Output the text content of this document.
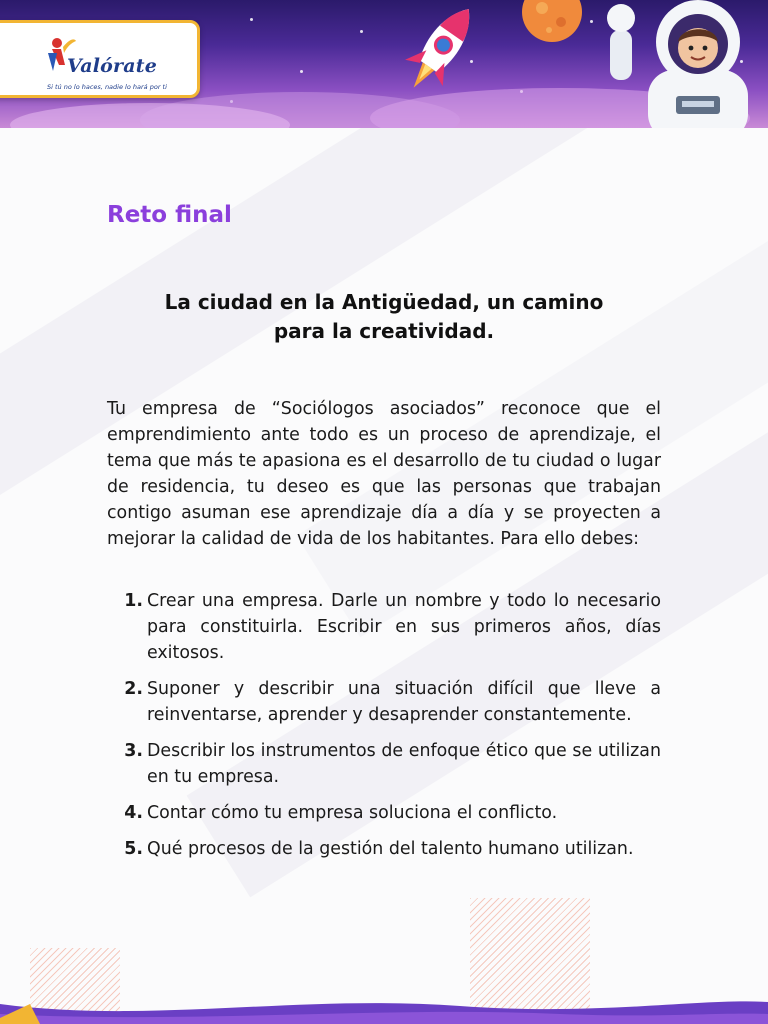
Valórate
Si tú no lo haces, nadie lo hará por ti
Reto final
La ciudad en la Antigüedad, un camino
para la creatividad.

Tu empresa de “Sociólogos asociados” reconoce que el emprendimiento ante todo es un proceso de aprendizaje, el tema que más te apasiona es el desarrollo de tu ciudad o lugar de residencia, tu deseo es que las personas que trabajan contigo asuman ese aprendizaje día a día y se proyecten a mejorar la calidad de vida de los habitantes. Para ello debes:

1. Crear una empresa. Darle un nombre y todo lo necesario para constituirla. Escribir en sus primeros años, días exitosos.
2. Suponer y describir una situación difícil que lleve a reinventarse, aprender y desaprender constantemente.
3. Describir los instrumentos de enfoque ético que se utilizan en tu empresa.
4. Contar cómo tu empresa soluciona el conflicto.
5. Qué procesos de la gestión del talento humano utilizan.
